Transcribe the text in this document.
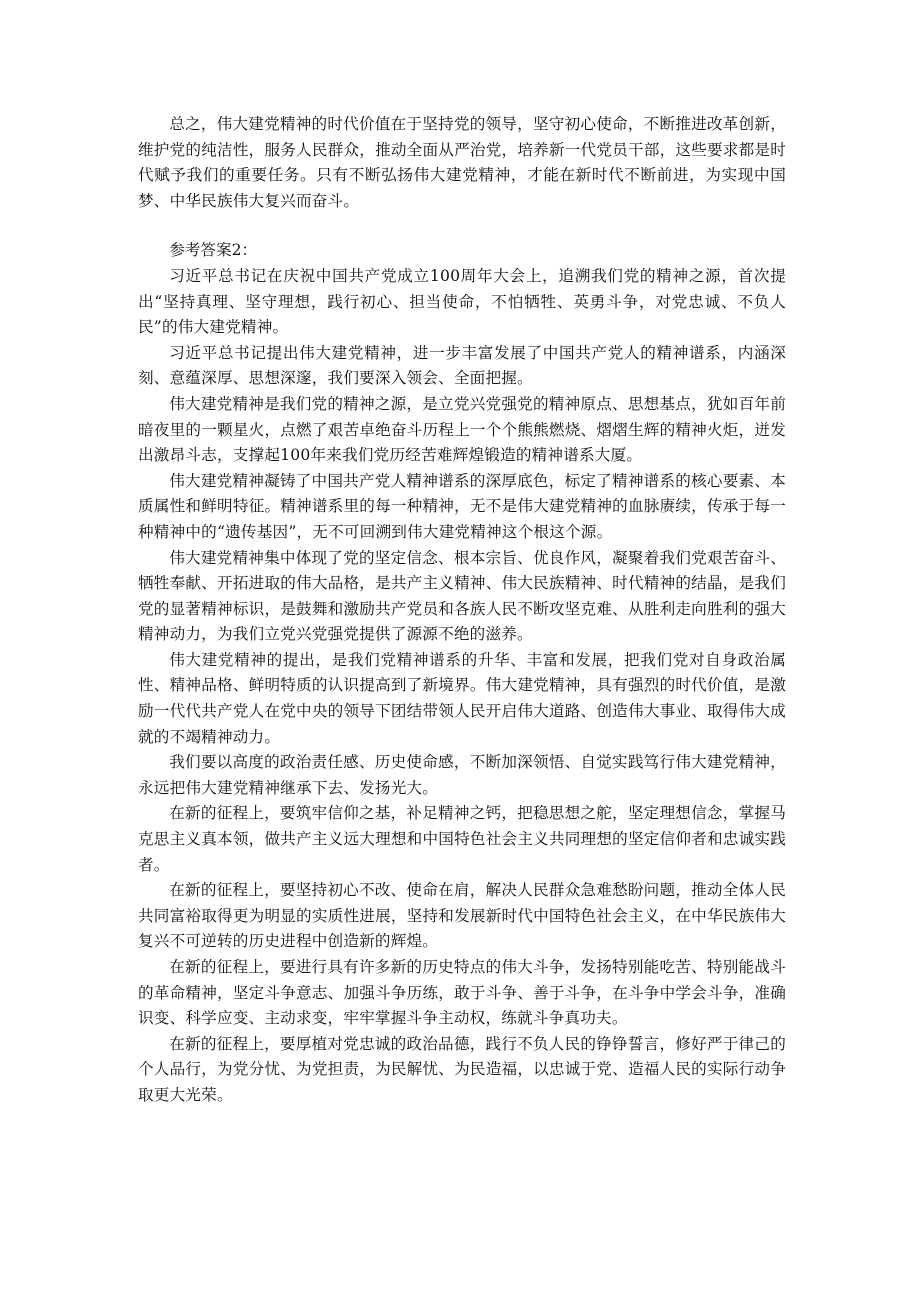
总之，伟大建党精神的时代价值在于坚持党的领导，坚守初心使命，不断推进改革创新，维护党的纯洁性，服务人民群众，推动全面从严治党，培养新一代党员干部，这些要求都是时代赋予我们的重要任务。只有不断弘扬伟大建党精神，才能在新时代不断前进，为实现中国梦、中华民族伟大复兴而奋斗。

参考答案2：

习近平总书记在庆祝中国共产党成立100周年大会上，追溯我们党的精神之源，首次提出“坚持真理、坚守理想，践行初心、担当使命，不怕牺牲、英勇斗争，对党忠诚、不负人民”的伟大建党精神。

习近平总书记提出伟大建党精神，进一步丰富发展了中国共产党人的精神谱系，内涵深刻、意蕴深厚、思想深邃，我们要深入领会、全面把握。

伟大建党精神是我们党的精神之源，是立党兴党强党的精神原点、思想基点，犹如百年前暗夜里的一颗星火，点燃了艰苦卓绝奋斗历程上一个个熊熊燃烧、熠熠生辉的精神火炬，迸发出激昂斗志，支撑起100年来我们党历经苦难辉煌锻造的精神谱系大厦。

伟大建党精神凝铸了中国共产党人精神谱系的深厚底色，标定了精神谱系的核心要素、本质属性和鲜明特征。精神谱系里的每一种精神，无不是伟大建党精神的血脉赓续，传承于每一种精神中的“遗传基因”，无不可回溯到伟大建党精神这个根这个源。

伟大建党精神集中体现了党的坚定信念、根本宗旨、优良作风，凝聚着我们党艰苦奋斗、牺牲奉献、开拓进取的伟大品格，是共产主义精神、伟大民族精神、时代精神的结晶，是我们党的显著精神标识，是鼓舞和激励共产党员和各族人民不断攻坚克难、从胜利走向胜利的强大精神动力，为我们立党兴党强党提供了源源不绝的滋养。

伟大建党精神的提出，是我们党精神谱系的升华、丰富和发展，把我们党对自身政治属性、精神品格、鲜明特质的认识提高到了新境界。伟大建党精神，具有强烈的时代价值，是激励一代代共产党人在党中央的领导下团结带领人民开启伟大道路、创造伟大事业、取得伟大成就的不竭精神动力。

我们要以高度的政治责任感、历史使命感，不断加深领悟、自觉实践笃行伟大建党精神，永远把伟大建党精神继承下去、发扬光大。

在新的征程上，要筑牢信仰之基，补足精神之钙，把稳思想之舵，坚定理想信念，掌握马克思主义真本领，做共产主义远大理想和中国特色社会主义共同理想的坚定信仰者和忠诚实践者。

在新的征程上，要坚持初心不改、使命在肩，解决人民群众急难愁盼问题，推动全体人民共同富裕取得更为明显的实质性进展，坚持和发展新时代中国特色社会主义，在中华民族伟大复兴不可逆转的历史进程中创造新的辉煌。

在新的征程上，要进行具有许多新的历史特点的伟大斗争，发扬特别能吃苦、特别能战斗的革命精神，坚定斗争意志、加强斗争历练，敢于斗争、善于斗争，在斗争中学会斗争，准确识变、科学应变、主动求变，牢牢掌握斗争主动权，练就斗争真功夫。

在新的征程上，要厚植对党忠诚的政治品德，践行不负人民的铮铮誓言，修好严于律己的个人品行，为党分忧、为党担责，为民解忧、为民造福，以忠诚于党、造福人民的实际行动争取更大光荣。
